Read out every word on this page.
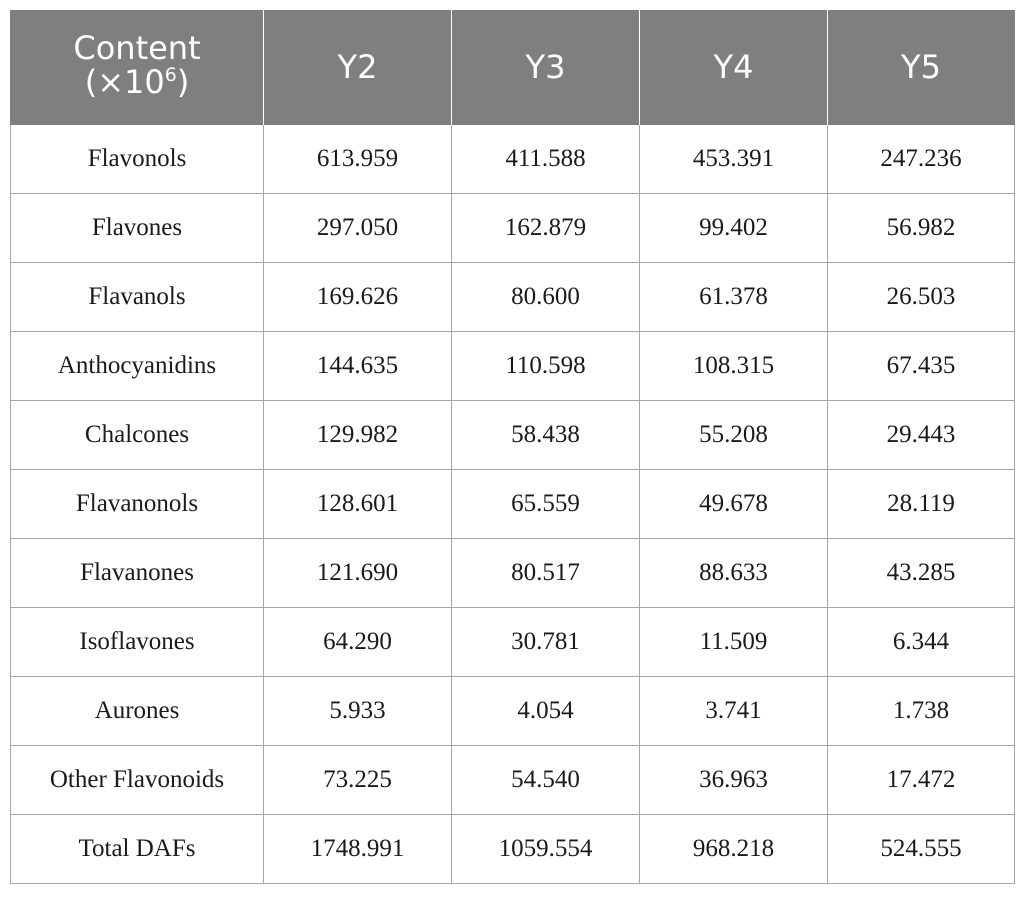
Content
$(\times 10^6)$	Y2	Y3	Y4	Y5
Flavonols	613.959	411.588	453.391	247.236
Flavones	297.050	162.879	99.402	56.982
Flavanols	169.626	80.600	61.378	26.503
Anthocyanidins	144.635	110.598	108.315	67.435
Chalcones	129.982	58.438	55.208	29.443
Flavanonols	128.601	65.559	49.678	28.119
Flavanones	121.690	80.517	88.633	43.285
Isoflavones	64.290	30.781	11.509	6.344
Aurones	5.933	4.054	3.741	1.738
Other Flavonoids	73.225	54.540	36.963	17.472
Total DAFs	1748.991	1059.554	968.218	524.555
